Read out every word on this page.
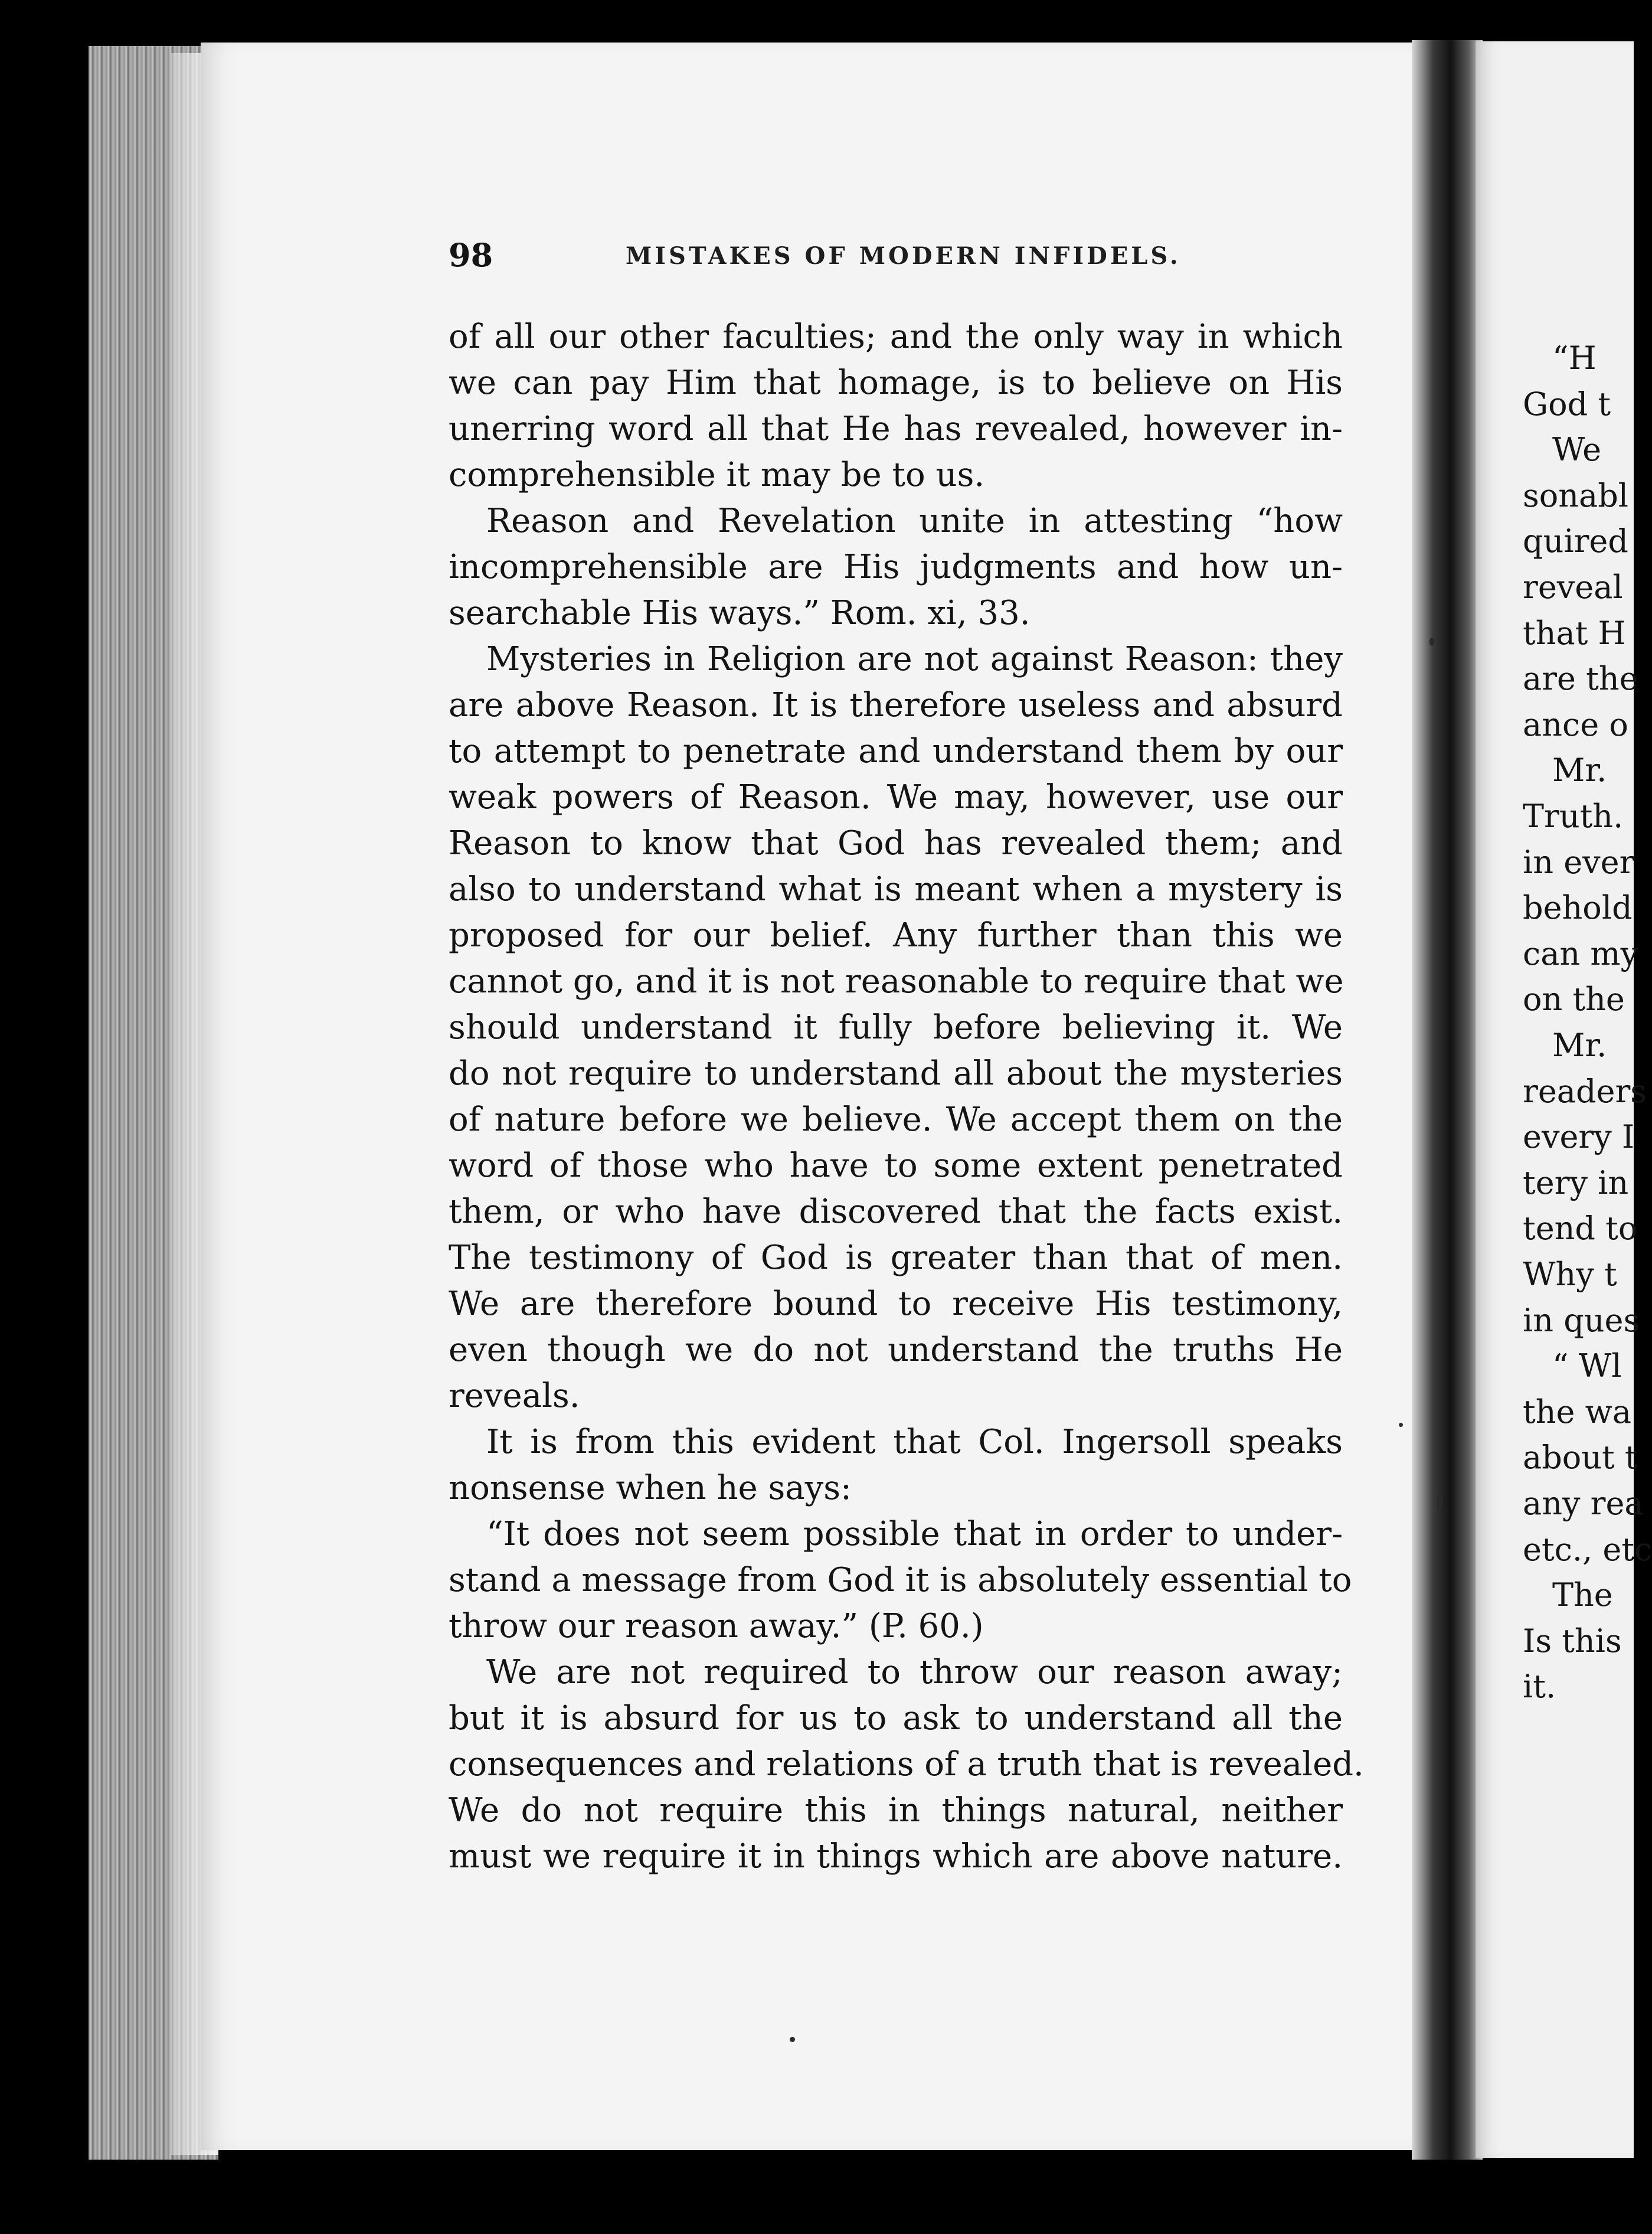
98	MISTAKES OF MODERN INFIDELS.
of all our other faculties; and the only way in which
we can pay Him that homage, is to believe on His
unerring word all that He has revealed, however in-
comprehensible it may be to us.
Reason and Revelation unite in attesting “how
incomprehensible are His judgments and how un-
searchable His ways.” Rom. xi, 33.
Mysteries in Religion are not against Reason: they
are above Reason. It is therefore useless and absurd
to attempt to penetrate and understand them by our
weak powers of Reason. We may, however, use our
Reason to know that God has revealed them; and
also to understand what is meant when a mystery is
proposed for our belief. Any further than this we
cannot go, and it is not reasonable to require that we
should understand it fully before believing it. We
do not require to understand all about the mysteries
of nature before we believe. We accept them on the
word of those who have to some extent penetrated
them, or who have discovered that the facts exist.
The testimony of God is greater than that of men.
We are therefore bound to receive His testimony,
even though we do not understand the truths He
reveals.
It is from this evident that Col. Ingersoll speaks
nonsense when he says:
“It does not seem possible that in order to under-
stand a message from God it is absolutely essential to
throw our reason away.” (P. 60.)
We are not required to throw our reason away;
but it is absurd for us to ask to understand all the
consequences and relations of a truth that is revealed.
We do not require this in things natural, neither
must we require it in things which are above nature.
“H
God t
We
sonabl
quired
reveal
that H
are the
ance o
Mr.
Truth.
in ever
behold
can my
on the
Mr.
readers
every I
tery in
tend to
Why t
in ques
“ Wl
the wa
about t
any rea
etc., etc
The
Is this
it.
